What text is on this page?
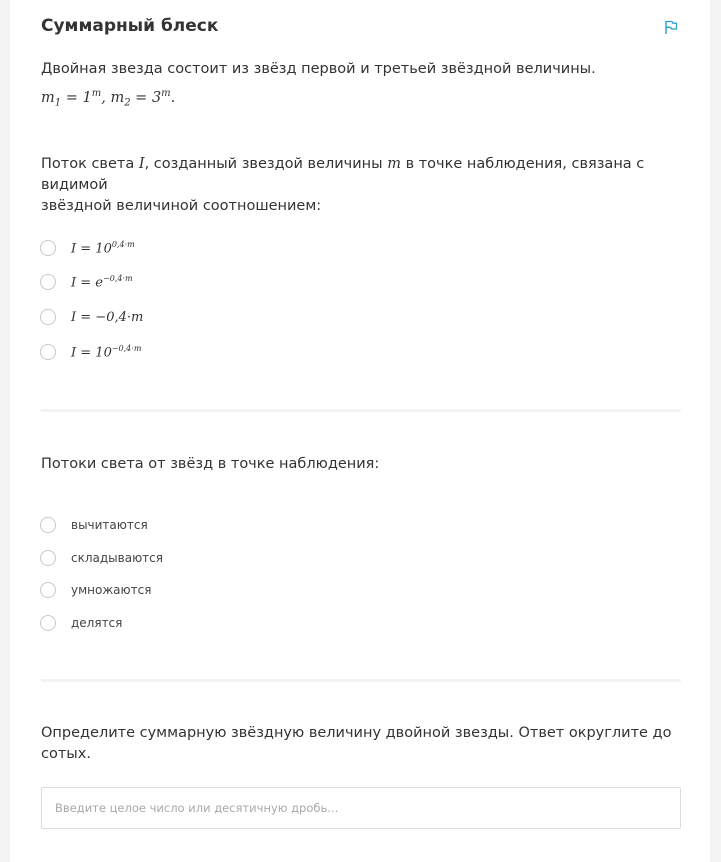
Суммарный блеск
Двойная звезда состоит из звёзд первой и третьей звёздной величины.
$m_1 = 1^m$, $m_2 = 3^m$.
Поток света I, созданный звездой величины m в точке наблюдения, связана с видимой
звёздной величиной соотношением:
$I = 10^{0,4\cdot m}$
$I = e^{-0,4\cdot m}$
I = −0,4·m
$I = 10^{-0,4\cdot m}$
Потоки света от звёзд в точке наблюдения:
вычитаются
складываются
умножаются
делятся
Определите суммарную звёздную величину двойной звезды. Ответ округлите до сотых.
Введите целое число или десятичную дробь...
